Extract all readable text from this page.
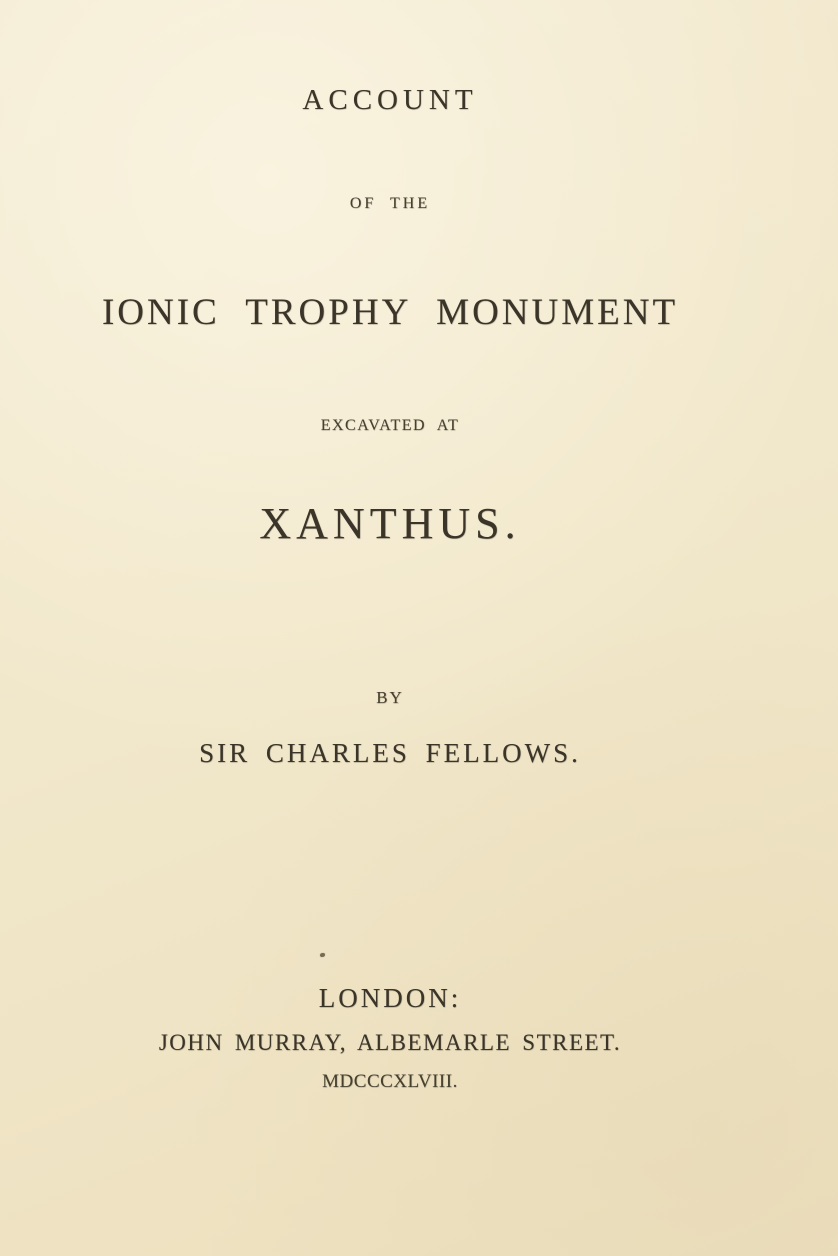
ACCOUNT
OF THE
IONIC TROPHY MONUMENT
EXCAVATED AT
XANTHUS.
BY
SIR CHARLES FELLOWS.
LONDON:
JOHN MURRAY, ALBEMARLE STREET.
MDCCCXLVIII.
